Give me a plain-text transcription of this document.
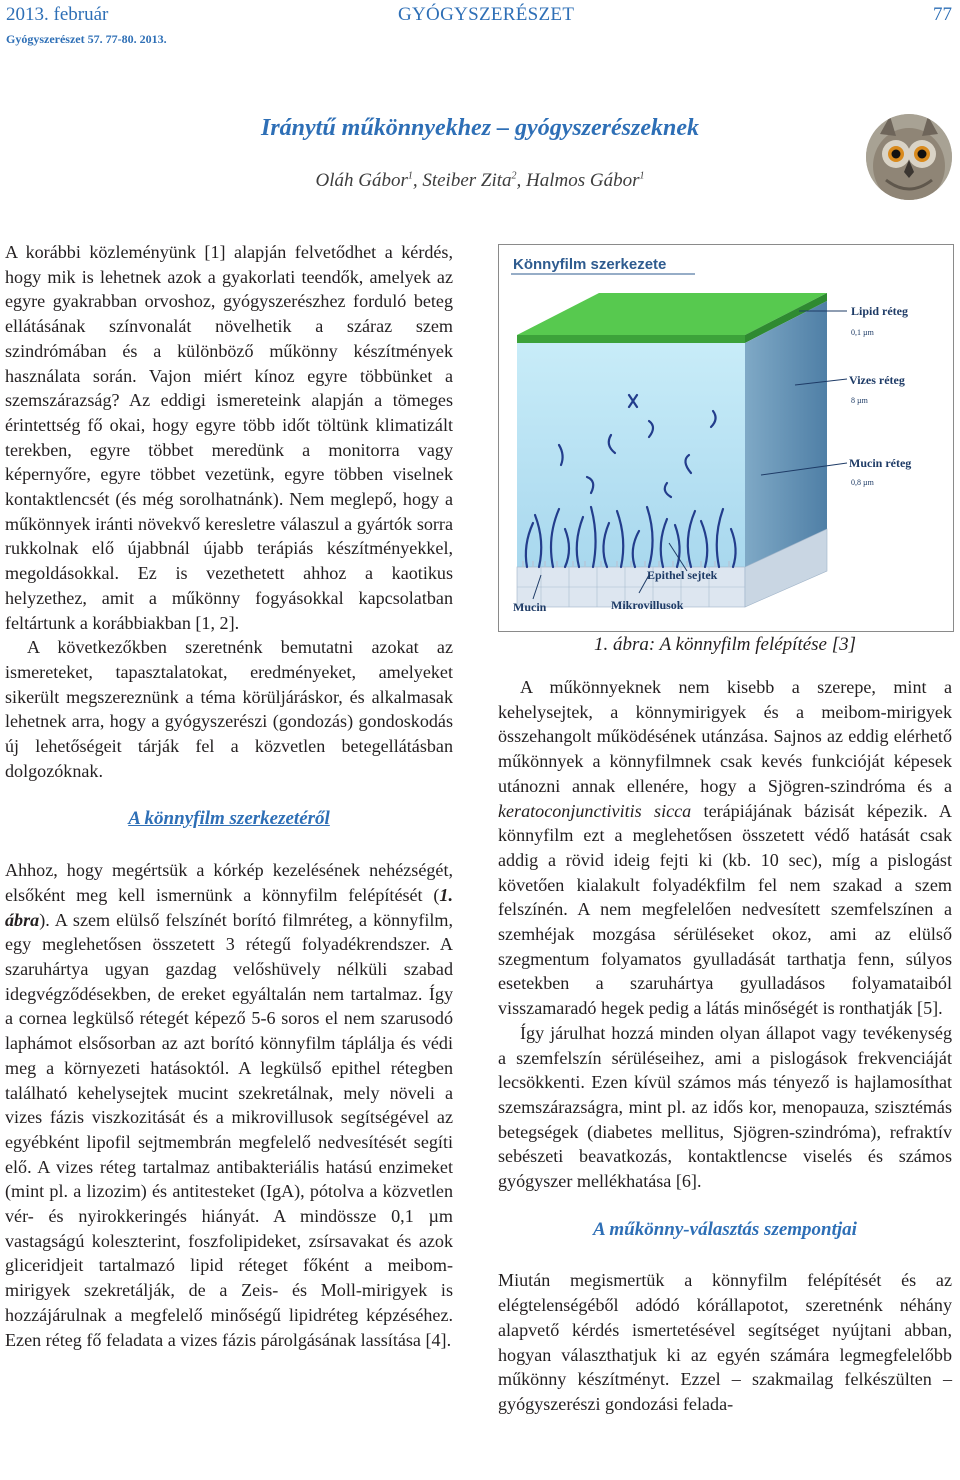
2013. február	GYÓGYSZERÉSZET	77
Gyógyszerészet 57. 77-80. 2013.
Iránytű műkönnyekhez – gyógyszerészeknek
Oláh Gábor$^1$, Steiber Zita$^2$, Halmos Gábor$^1$

A korábbi közleményünk [1] alapján felvetődhet a kérdés, hogy mik is lehetnek azok a gyakorlati teendők, amelyek az egyre gyakrabban orvoshoz, gyógyszerészhez forduló beteg ellátásának színvonalát növelhetik a száraz szem szindrómában és a különböző műkönny készítmények használata során. Vajon miért kínoz egyre többünket a szemszárazság? Az eddigi ismereteink alapján a tömeges érintettség fő okai, hogy egyre több időt töltünk klimatizált terekben, egyre többet meredünk a monitorra vagy képernyőre, egyre többet vezetünk, egyre többen viselnek kontaktlencsét (és még sorolhatnánk). Nem meglepő, hogy a műkönnyek iránti növekvő keresletre válaszul a gyártók sorra rukkolnak elő újabbnál újabb terápiás készítményekkel, megoldásokkal. Ez is vezethetett ahhoz a kaotikus helyzethez, amit a műkönny fogyásokkal kapcsolatban feltártunk a korábbiakban [1, 2].

A következőkben szeretnénk bemutatni azokat az ismereteket, tapasztalatokat, eredményeket, amelyeket sikerült megszereznünk a téma körüljáráskor, és alkalmasak lehetnek arra, hogy a gyógyszerészi (gondozás) gondoskodás új lehetőségeit tárják fel a közvetlen betegellátásban dolgozóknak.

A könnyfilm szerkezetéről

Ahhoz, hogy megértsük a kórkép kezelésének nehézségét, elsőként meg kell ismernünk a könnyfilm felépítését (1. ábra). A szem elülső felszínét borító filmréteg, a könnyfilm, egy meglehetősen összetett 3 rétegű folyadékrendszer. A szaruhártya ugyan gazdag velőshüvely nélküli szabad idegvégződésekben, de ereket egyáltalán nem tartalmaz. Így a cornea legkülső rétegét képező 5-6 soros el nem szarusodó laphámot elsősorban az azt borító könnyfilm táplálja és védi meg a környezeti hatásoktól. A legkülső epithel rétegben található kehelysejtek mucint szekretálnak, mely növeli a vizes fázis viszkozitását és a mikrovillusok segítségével az egyébként lipofil sejtmembrán megfelelő nedvesítését segíti elő. A vizes réteg tartalmaz antibakteriális hatású enzimeket (mint pl. a lizozim) és antitesteket (IgA), pótolva a közvetlen vér- és nyirokkeringés hiányát. A mindössze 0,1 µm vastagságú koleszterint, foszfolipideket, zsírsavakat és azok gliceridjeit tartalmazó lipid réteget főként a meibom-mirigyek szekretálják, de a Zeis- és Moll-mirigyek is hozzájárulnak a megfelelő minőségű lipidréteg képzéséhez. Ezen réteg fő feladata a vizes fázis párolgásának lassítása [4].

Könnyfilm szerkezete
Lipid réteg
0,1 µm
Vizes réteg
8 µm
Mucin réteg
0,8 µm
Epithel sejtek
Mikrovillusok
Mucin
1. ábra: A könnyfilm felépítése [3]

A műkönnyeknek nem kisebb a szerepe, mint a kehelysejtek, a könnymirigyek és a meibom-mirigyek összehangolt működésének utánzása. Sajnos az eddig elérhető műkönnyek a könnyfilmnek csak kevés funkcióját képesek utánozni annak ellenére, hogy a Sjögren-szindróma és a keratoconjunctivitis sicca terápiájának bázisát képezik. A könnyfilm ezt a meglehetősen összetett védő hatását csak addig a rövid ideig fejti ki (kb. 10 sec), míg a pislogást követően kialakult folyadékfilm fel nem szakad a szem felszínén. A nem megfelelően nedvesített szemfelszínen a szemhéjak mozgása sérüléseket okoz, ami az elülső szegmentum folyamatos gyulladását tarthatja fenn, súlyos esetekben a szaruhártya gyulladásos folyamataiból visszamaradó hegek pedig a látás minőségét is ronthatják [5].

Így járulhat hozzá minden olyan állapot vagy tevékenység a szemfelszín sérüléseihez, ami a pislogások frekvenciáját lecsökkenti. Ezen kívül számos más tényező is hajlamosíthat szemszárazságra, mint pl. az idős kor, menopauza, szisztémás betegségek (diabetes mellitus, Sjögren-szindróma), refraktív sebészeti beavatkozás, kontaktlencse viselés és számos gyógyszer mellékhatása [6].

A műkönny-választás szempontjai

Miután megismertük a könnyfilm felépítését és az elégtelenségéből adódó kórállapotot, szeretnénk néhány alapvető kérdés ismertetésével segítséget nyújtani abban, hogyan választhatjuk ki az egyén számára legmegfelelőbb műkönny készítményt. Ezzel – szakmailag felkészülten – gyógyszerészi gondozási felada-
